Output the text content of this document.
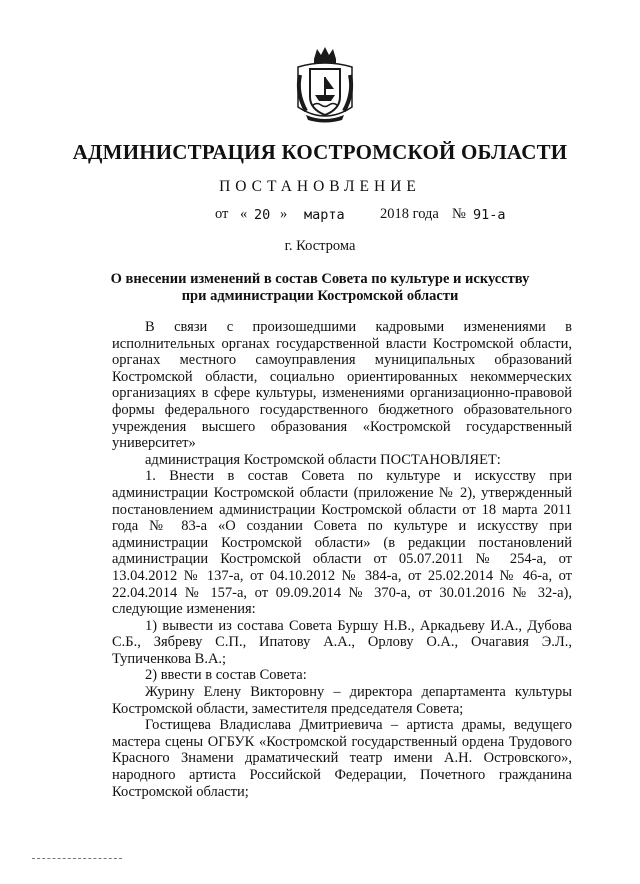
АДМИНИСТРАЦИЯ КОСТРОМСКОЙ ОБЛАСТИ

ПОСТАНОВЛЕНИЕ

от « 20 » марта 2018 года № 91-а

г. Кострома

О внесении изменений в состав Совета по культуре и искусству
при администрации Костромской области

В связи с произошедшими кадровыми изменениями в исполнительных органах государственной власти Костромской области, органах местного самоуправления муниципальных образований Костромской области, социально ориентированных некоммерческих организациях в сфере культуры, изменениями организационно-правовой формы федерального государственного бюджетного образовательного учреждения высшего образования «Костромской государственный университет»

администрация Костромской области ПОСТАНОВЛЯЕТ:

1. Внести в состав Совета по культуре и искусству при администрации Костромской области (приложение № 2), утвержденный постановлением администрации Костромской области от 18 марта 2011 года № 83-а «О создании Совета по культуре и искусству при администрации Костромской области» (в редакции постановлений администрации Костромской области от 05.07.2011 № 254-а, от 13.04.2012 № 137-а, от 04.10.2012 № 384-а, от 25.02.2014 № 46-а, от 22.04.2014 № 157-а, от 09.09.2014 № 370-а, от 30.01.2016 № 32-а), следующие изменения:

1) вывести из состава Совета Буршу Н.В., Аркадьеву И.А., Дубова С.Б., Зябреву С.П., Ипатову А.А., Орлову О.А., Очагавия Э.Л., Тупиченкова В.А.;

2) ввести в состав Совета:

Журину Елену Викторовну – директора департамента культуры Костромской области, заместителя председателя Совета;

Гостищева Владислава Дмитриевича – артиста драмы, ведущего мастера сцены ОГБУК «Костромской государственный ордена Трудового Красного Знамени драматический театр имени А.Н. Островского», народного артиста Российской Федерации, Почетного гражданина Костромской области;
